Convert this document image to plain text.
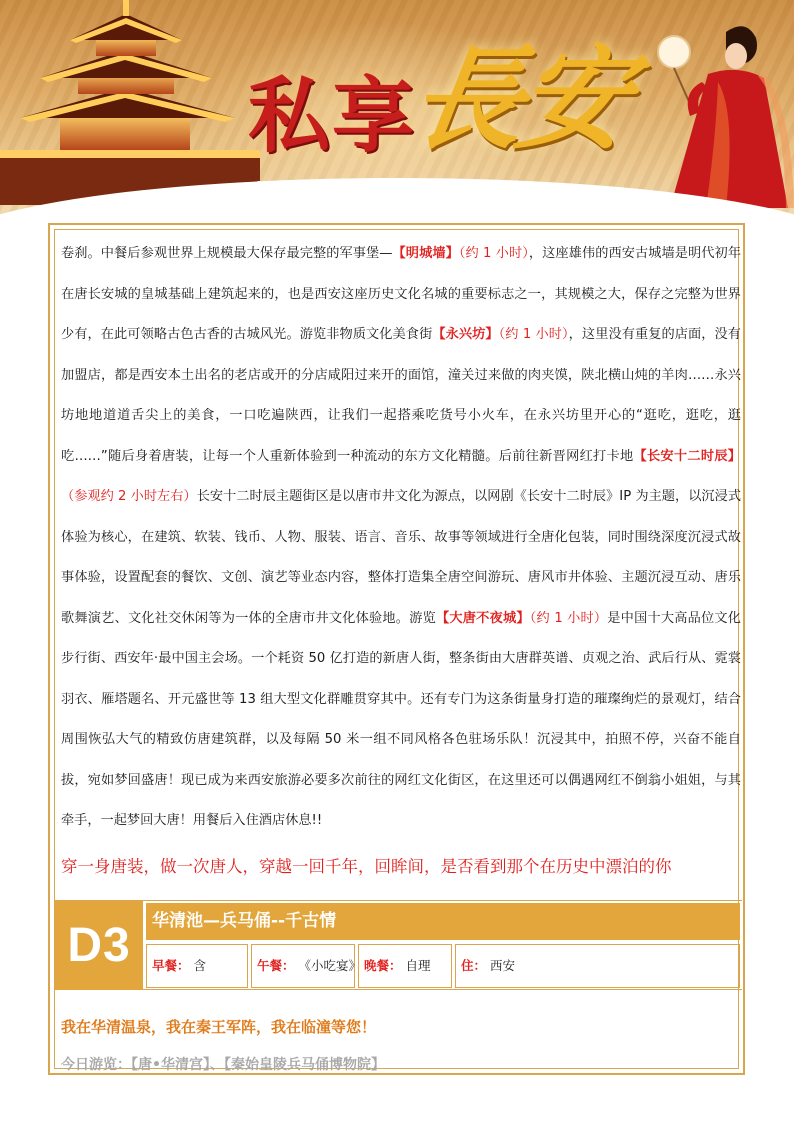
私享
長安

卷刹。中餐后参观世界上规模最大保存最完整的军事堡—【明城墙】（约 1 小时），这座雄伟的西安古城墙是明代初年在唐长安城的皇城基础上建筑起来的，也是西安这座历史文化名城的重要标志之一，其规模之大，保存之完整为世界少有，在此可领略古色古香的古城风光。游览非物质文化美食街【永兴坊】（约 1 小时），这里没有重复的店面，没有加盟店，都是西安本土出名的老店或开的分店咸阳过来开的面馆，潼关过来做的肉夹馍，陕北横山炖的羊肉……永兴坊地地道道舌尖上的美食，一口吃遍陕西，让我们一起搭乘吃货号小火车，在永兴坊里开心的“逛吃，逛吃，逛吃……”随后身着唐装，让每一个人重新体验到一种流动的东方文化精髓。后前往新晋网红打卡地【长安十二时辰】（参观约 2 小时左右）长安十二时辰主题街区是以唐市井文化为源点，以网剧《长安十二时辰》IP 为主题，以沉浸式体验为核心，在建筑、软装、钱币、人物、服装、语言、音乐、故事等领域进行全唐化包装，同时围绕深度沉浸式故事体验，设置配套的餐饮、文创、演艺等业态内容，整体打造集全唐空间游玩、唐风市井体验、主题沉浸互动、唐乐歌舞演艺、文化社交休闲等为一体的全唐市井文化体验地。游览【大唐不夜城】（约 1 小时）是中国十大高品位文化步行街、西安年·最中国主会场。一个耗资 50 亿打造的新唐人街，整条街由大唐群英谱、贞观之治、武后行从、霓裳羽衣、雁塔题名、开元盛世等 13 组大型文化群雕贯穿其中。还有专门为这条街量身打造的璀璨绚烂的景观灯，结合周围恢弘大气的精致仿唐建筑群，以及每隔 50 米一组不同风格各色驻场乐队！沉浸其中，拍照不停，兴奋不能自拔，宛如梦回盛唐！现已成为来西安旅游必要多次前往的网红文化街区，在这里还可以偶遇网红不倒翁小姐姐，与其牵手，一起梦回大唐！用餐后入住酒店休息!!

穿一身唐装，做一次唐人，穿越一回千年，回眸间，是否看到那个在历史中漂泊的你
D3	华清池—兵马俑--千古情
早餐： 含	午餐： 《小吃宴》 晚餐： 自理	住： 西安
我在华清温泉，我在秦王军阵，我在临潼等您！
今日游览：【唐•华清宫】、【秦始皇陵兵马俑博物院】
